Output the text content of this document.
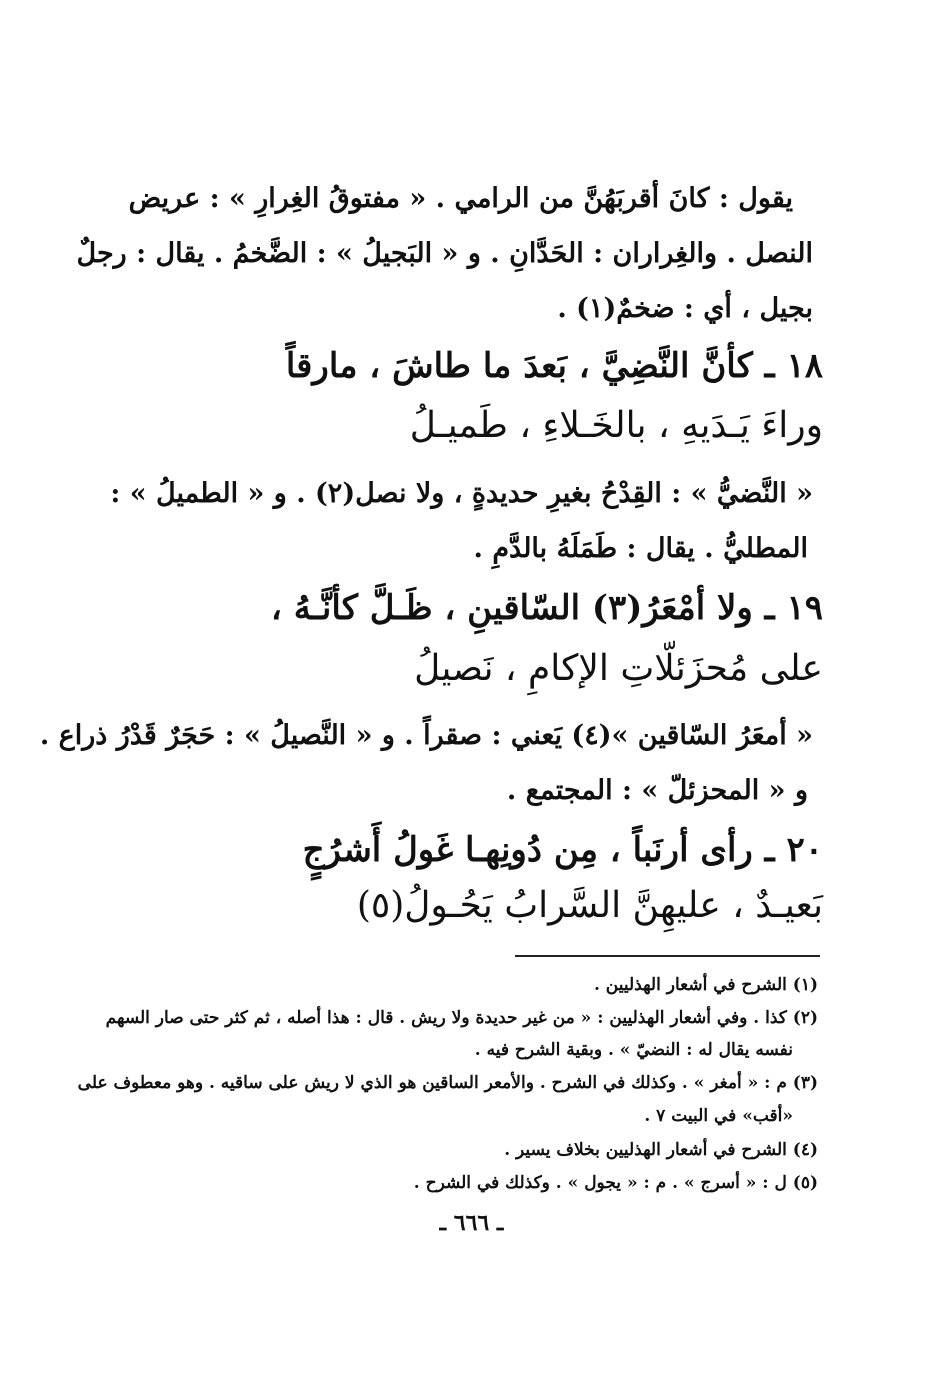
يقول : كانَ أقربَهُنَّ من الرامي . « مفتوقُ الغِرارِ » : عريض
النصل . والغِراران : الحَدَّانِ . و « البَجيلُ » : الضَّخمُ . يقال : رجلٌ
بجيل ، أي : ضخمٌ(١) .
١٨ ـ كأنَّ النَّضِيَّ ، بَعدَ ما طاشَ ، مارقاً
وراءَ يَـدَيهِ ، بالخَـلاءِ ، طَميـلُ
« النَّضيُّ » : القِدْحُ بغيرِ حديدةٍ ، ولا نصل(٢) . و « الطميلُ » :
المطليُّ . يقال : طَمَلَهُ بالدَّمِ .
١٩ ـ ولا أمْعَرُ(٣) السّاقينِ ، ظَـلَّ كأنَّـهُ ،
على مُحزَئلّاتِ الإكامِ ، نَصيلُ
« أمعَرُ السّاقين »(٤) يَعني : صقراً . و « النَّصيلُ » : حَجَرٌ قَدْرُ ذراع .
و « المحزئلّ » : المجتمع .
٢٠ ـ رأى أرنَباً ، مِن دُونِهـا غَولُ أَشرُجٍ
بَعيـدٌ ، عليهِنَّ السَّرابُ يَحُـولُ(٥)
(١) الشرح في أشعار الهذليين .
(٢) كذا . وفي أشعار الهذليين : « من غير حديدة ولا ريش . قال : هذا أصله ، ثم كثر حتى صار السهم
نفسه يقال له : النضيّ » . وبقية الشرح فيه .
(٣) م : « أمغر » . وكذلك في الشرح . والأمعر الساقين هو الذي لا ريش على ساقيه . وهو معطوف على
«أقب» في البيت ٧ .
(٤) الشرح في أشعار الهذليين بخلاف يسير .
(٥) ل : « أسرج » . م : « يجول » . وكذلك في الشرح .
ـ ٦٦٦ ـ
